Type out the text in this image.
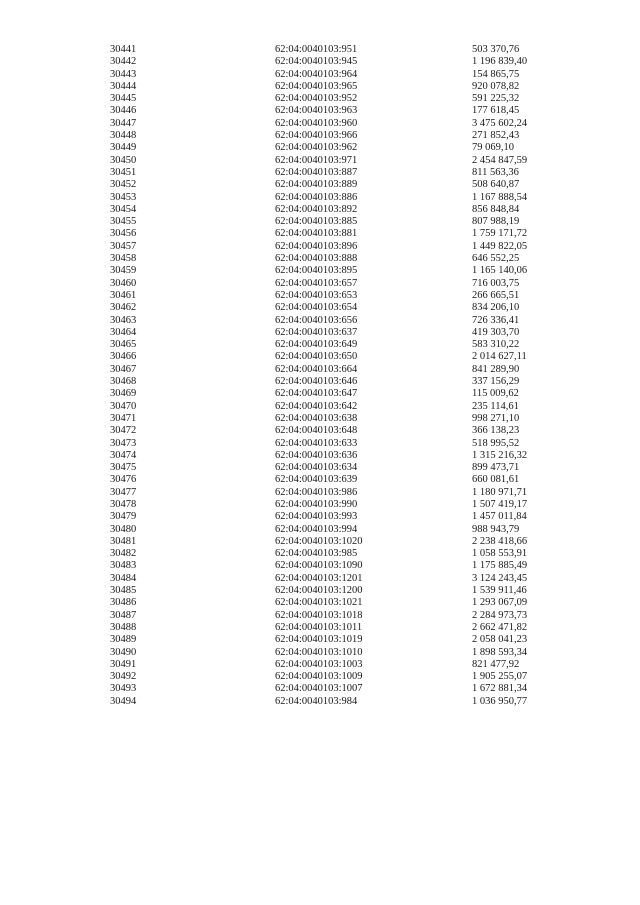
30441	62:04:0040103:951	503 370,76
30442	62:04:0040103:945	1 196 839,40
30443	62:04:0040103:964	154 865,75
30444	62:04:0040103:965	920 078,82
30445	62:04:0040103:952	591 225,32
30446	62:04:0040103:963	177 618,45
30447	62:04:0040103:960	3 475 602,24
30448	62:04:0040103:966	271 852,43
30449	62:04:0040103:962	79 069,10
30450	62:04:0040103:971	2 454 847,59
30451	62:04:0040103:887	811 563,36
30452	62:04:0040103:889	508 640,87
30453	62:04:0040103:886	1 167 888,54
30454	62:04:0040103:892	856 848,84
30455	62:04:0040103:885	807 988,19
30456	62:04:0040103:881	1 759 171,72
30457	62:04:0040103:896	1 449 822,05
30458	62:04:0040103:888	646 552,25
30459	62:04:0040103:895	1 165 140,06
30460	62:04:0040103:657	716 003,75
30461	62:04:0040103:653	266 665,51
30462	62:04:0040103:654	834 206,10
30463	62:04:0040103:656	726 336,41
30464	62:04:0040103:637	419 303,70
30465	62:04:0040103:649	583 310,22
30466	62:04:0040103:650	2 014 627,11
30467	62:04:0040103:664	841 289,90
30468	62:04:0040103:646	337 156,29
30469	62:04:0040103:647	115 009,62
30470	62:04:0040103:642	235 114,61
30471	62:04:0040103:638	998 271,10
30472	62:04:0040103:648	366 138,23
30473	62:04:0040103:633	518 995,52
30474	62:04:0040103:636	1 315 216,32
30475	62:04:0040103:634	899 473,71
30476	62:04:0040103:639	660 081,61
30477	62:04:0040103:986	1 180 971,71
30478	62:04:0040103:990	1 507 419,17
30479	62:04:0040103:993	1 457 011,84
30480	62:04:0040103:994	988 943,79
30481	62:04:0040103:1020	2 238 418,66
30482	62:04:0040103:985	1 058 553,91
30483	62:04:0040103:1090	1 175 885,49
30484	62:04:0040103:1201	3 124 243,45
30485	62:04:0040103:1200	1 539 911,46
30486	62:04:0040103:1021	1 293 067,09
30487	62:04:0040103:1018	2 284 973,73
30488	62:04:0040103:1011	2 662 471,82
30489	62:04:0040103:1019	2 058 041,23
30490	62:04:0040103:1010	1 898 593,34
30491	62:04:0040103:1003	821 477,92
30492	62:04:0040103:1009	1 905 255,07
30493	62:04:0040103:1007	1 672 881,34
30494	62:04:0040103:984	1 036 950,77
